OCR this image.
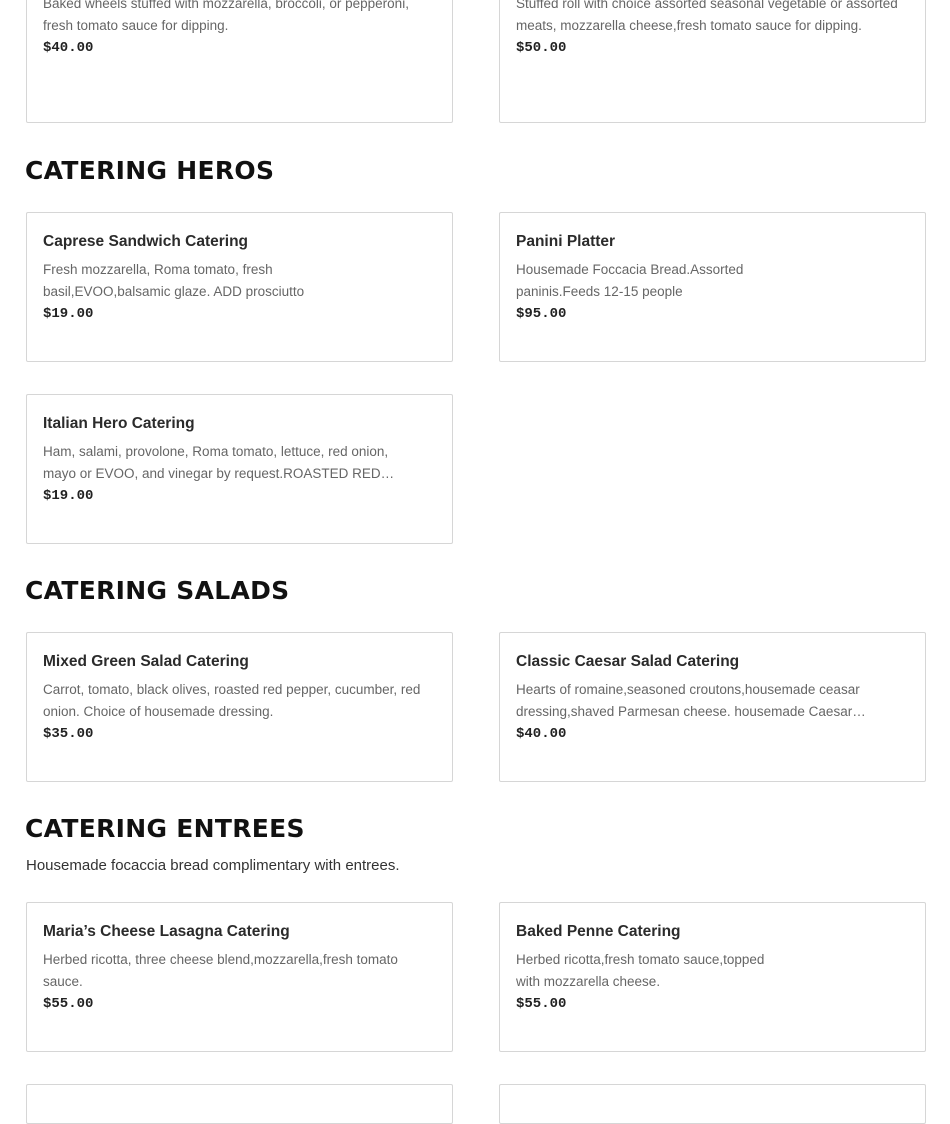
Baked wheels stuffed with mozzarella, broccoli, or pepperoni, fresh tomato sauce for dipping.
$40.00
Stuffed roll with choice assorted seasonal vegetable or assorted meats, mozzarella cheese,fresh tomato sauce for dipping.
$50.00
CATERING HEROS
Caprese Sandwich Catering
Fresh mozzarella, Roma tomato, fresh basil,EVOO,balsamic glaze. ADD prosciutto
$19.00
Panini Platter
Housemade Foccacia Bread.Assorted paninis.Feeds 12-15 people
$95.00
Italian Hero Catering
Ham, salami, provolone, Roma tomato, lettuce, red onion, mayo or EVOO, and vinegar by request.ROASTED RED
$19.00
CATERING SALADS
Mixed Green Salad Catering
Carrot, tomato, black olives, roasted red pepper, cucumber, red onion. Choice of housemade dressing.
$35.00
Classic Caesar Salad Catering
Hearts of romaine,seasoned croutons,housemade ceasar dressing,shaved Parmesan cheese. housemade Caesar
$40.00
CATERING ENTREES
Housemade focaccia bread complimentary with entrees.
Maria’s Cheese Lasagna Catering
Herbed ricotta, three cheese blend,mozzarella,fresh tomato sauce.
$55.00
Baked Penne Catering
Herbed ricotta,fresh tomato sauce,topped with mozzarella cheese.
$55.00
